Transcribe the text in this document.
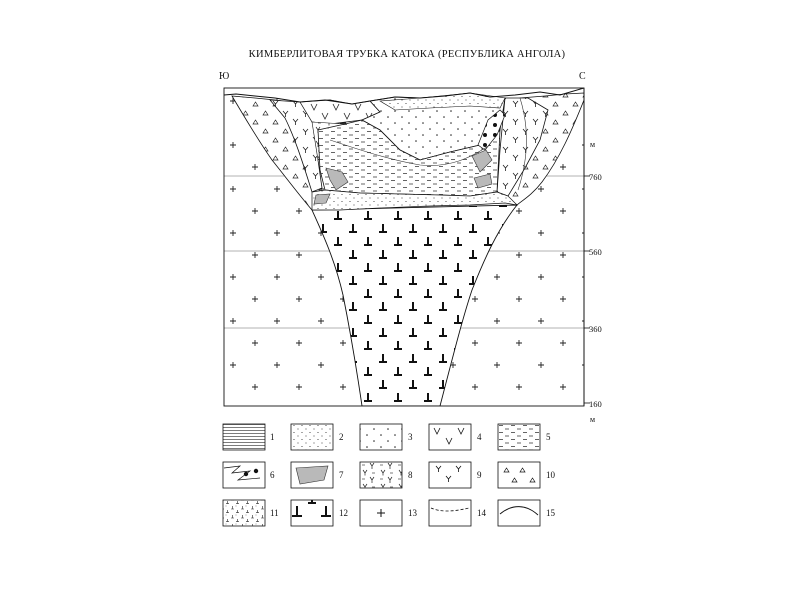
КИМБЕРЛИТОВАЯ ТРУБКА КАТОКА (РЕСПУБЛИКА АНГОЛА)
Ю	С
м
760
560
360
160
м
1	2	3	4	5
6	7	8	9	10
11	12	13	14	15
